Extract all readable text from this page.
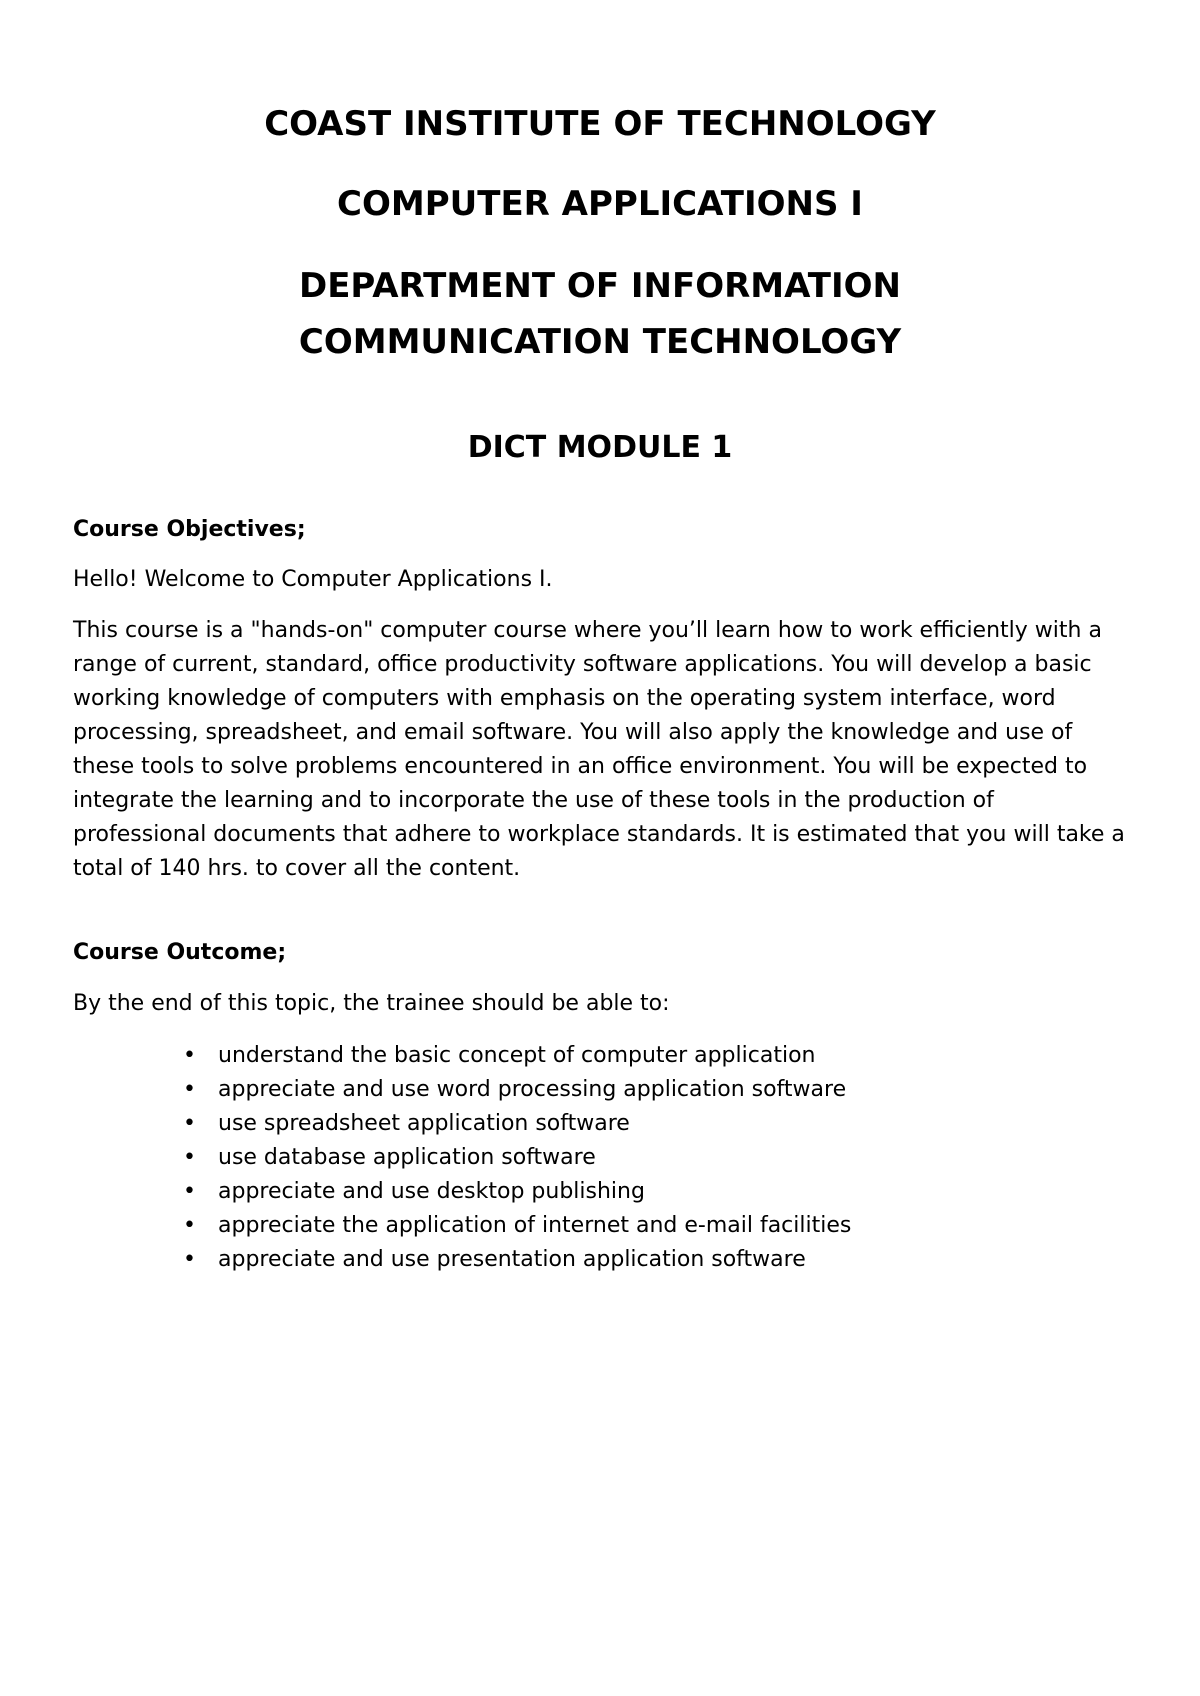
COAST INSTITUTE OF TECHNOLOGY
COMPUTER APPLICATIONS I
DEPARTMENT OF INFORMATION
COMMUNICATION TECHNOLOGY
DICT MODULE 1

Course Objectives;

Hello! Welcome to Computer Applications I.

This course is a "hands-on" computer course where you’ll learn how to work efficiently with a range of current, standard, office productivity software applications. You will develop a basic working knowledge of computers with emphasis on the operating system interface, word processing, spreadsheet, and email software. You will also apply the knowledge and use of these tools to solve problems encountered in an office environment. You will be expected to integrate the learning and to incorporate the use of these tools in the production of professional documents that adhere to workplace standards. It is estimated that you will take a total of 140 hrs. to cover all the content.

Course Outcome;

By the end of this topic, the trainee should be able to:

• understand the basic concept of computer application
• appreciate and use word processing application software
• use spreadsheet application software
• use database application software
• appreciate and use desktop publishing
• appreciate the application of internet and e-mail facilities
• appreciate and use presentation application software
